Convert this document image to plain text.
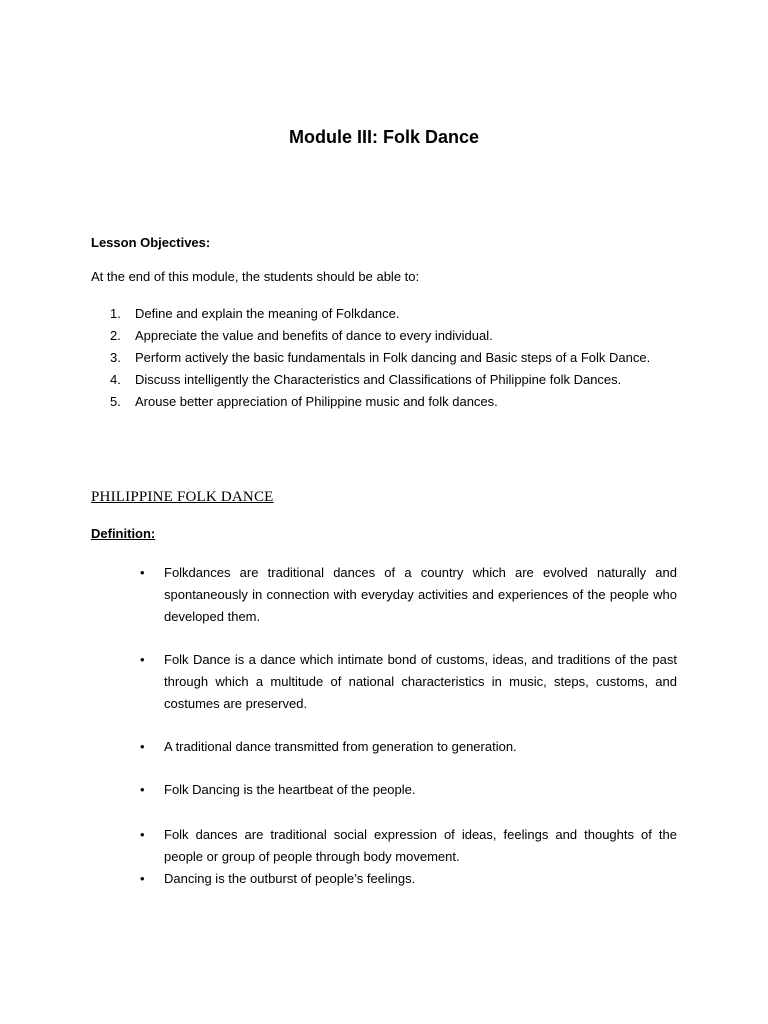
Module III: Folk Dance
Lesson Objectives:
At the end of this module, the students should be able to:
1. Define and explain the meaning of Folkdance.
2. Appreciate the value and benefits of dance to every individual.
3. Perform actively the basic fundamentals in Folk dancing and Basic steps of a Folk Dance.
4. Discuss intelligently the Characteristics and Classifications of Philippine folk Dances.
5. Arouse better appreciation of Philippine music and folk dances.
PHILIPPINE FOLK DANCE
Definition:
•	Folkdances are traditional dances of a country which are evolved naturally and spontaneously in connection with everyday activities and experiences of the people who developed them.
•	Folk Dance is a dance which intimate bond of customs, ideas, and traditions of the past through which a multitude of national characteristics in music, steps, customs, and costumes are preserved.
•	A traditional dance transmitted from generation to generation.
•	Folk Dancing is the heartbeat of the people.
•	Folk dances are traditional social expression of ideas, feelings and thoughts of the people or group of people through body movement.
•	Dancing is the outburst of people’s feelings.
